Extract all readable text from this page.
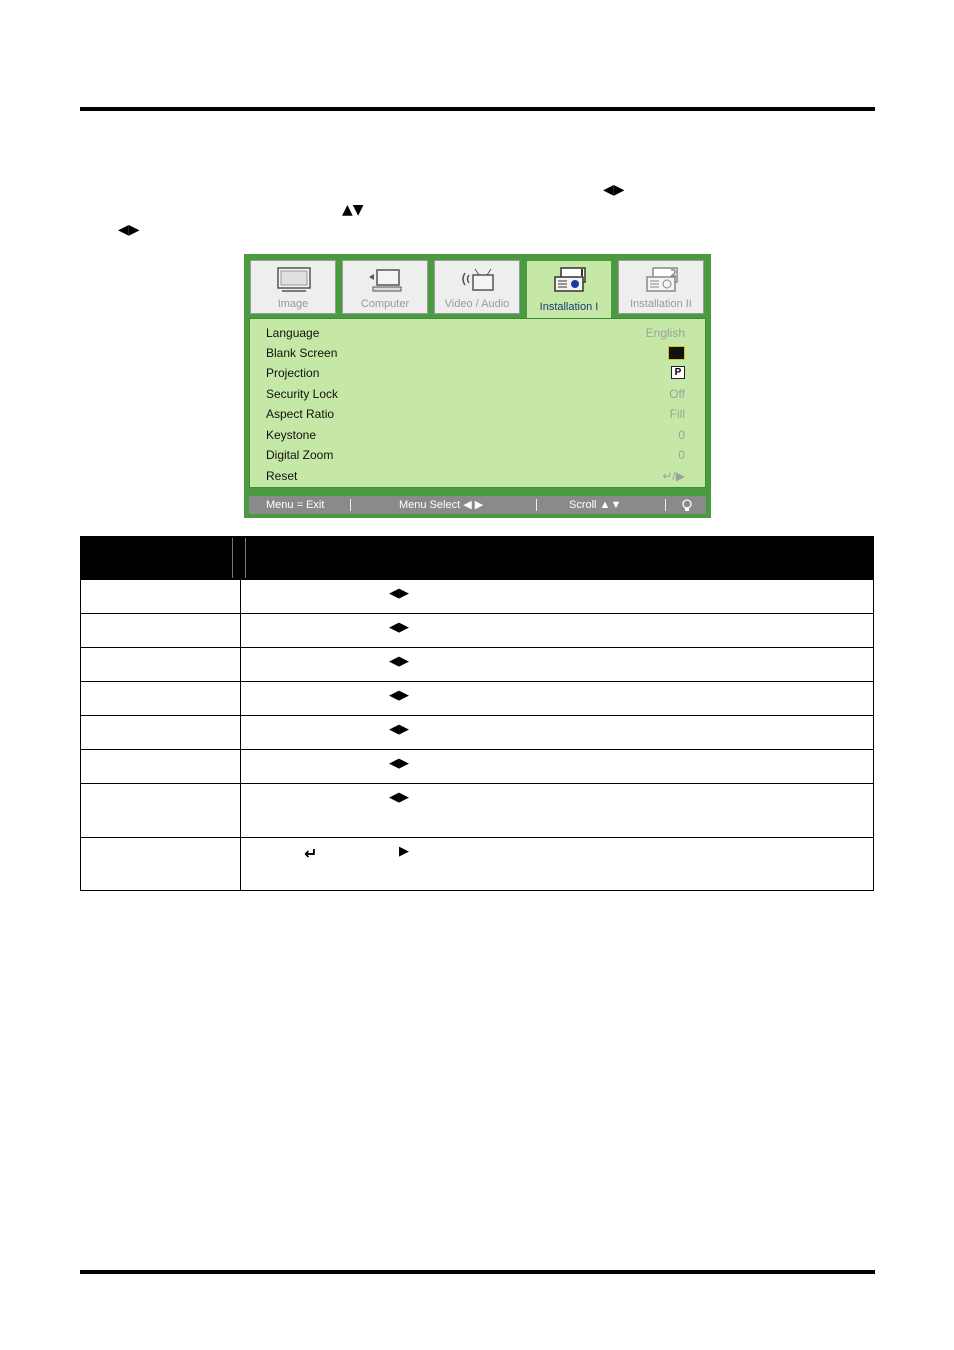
◀▶
▲▼
◀▶
Image	Computer	Video / Audio	Installation I	Installation II
Language	English
Blank Screen
Projection	P
Security Lock	Off
Aspect Ratio	Fill
Keystone	0
Digital Zoom	0
Reset	↵/▶
Menu = Exit	Menu Select ◀ ▶	Scroll ▲▼
◀▶
◀▶
◀▶
◀▶
◀▶
◀▶
◀▶
↵	▶
